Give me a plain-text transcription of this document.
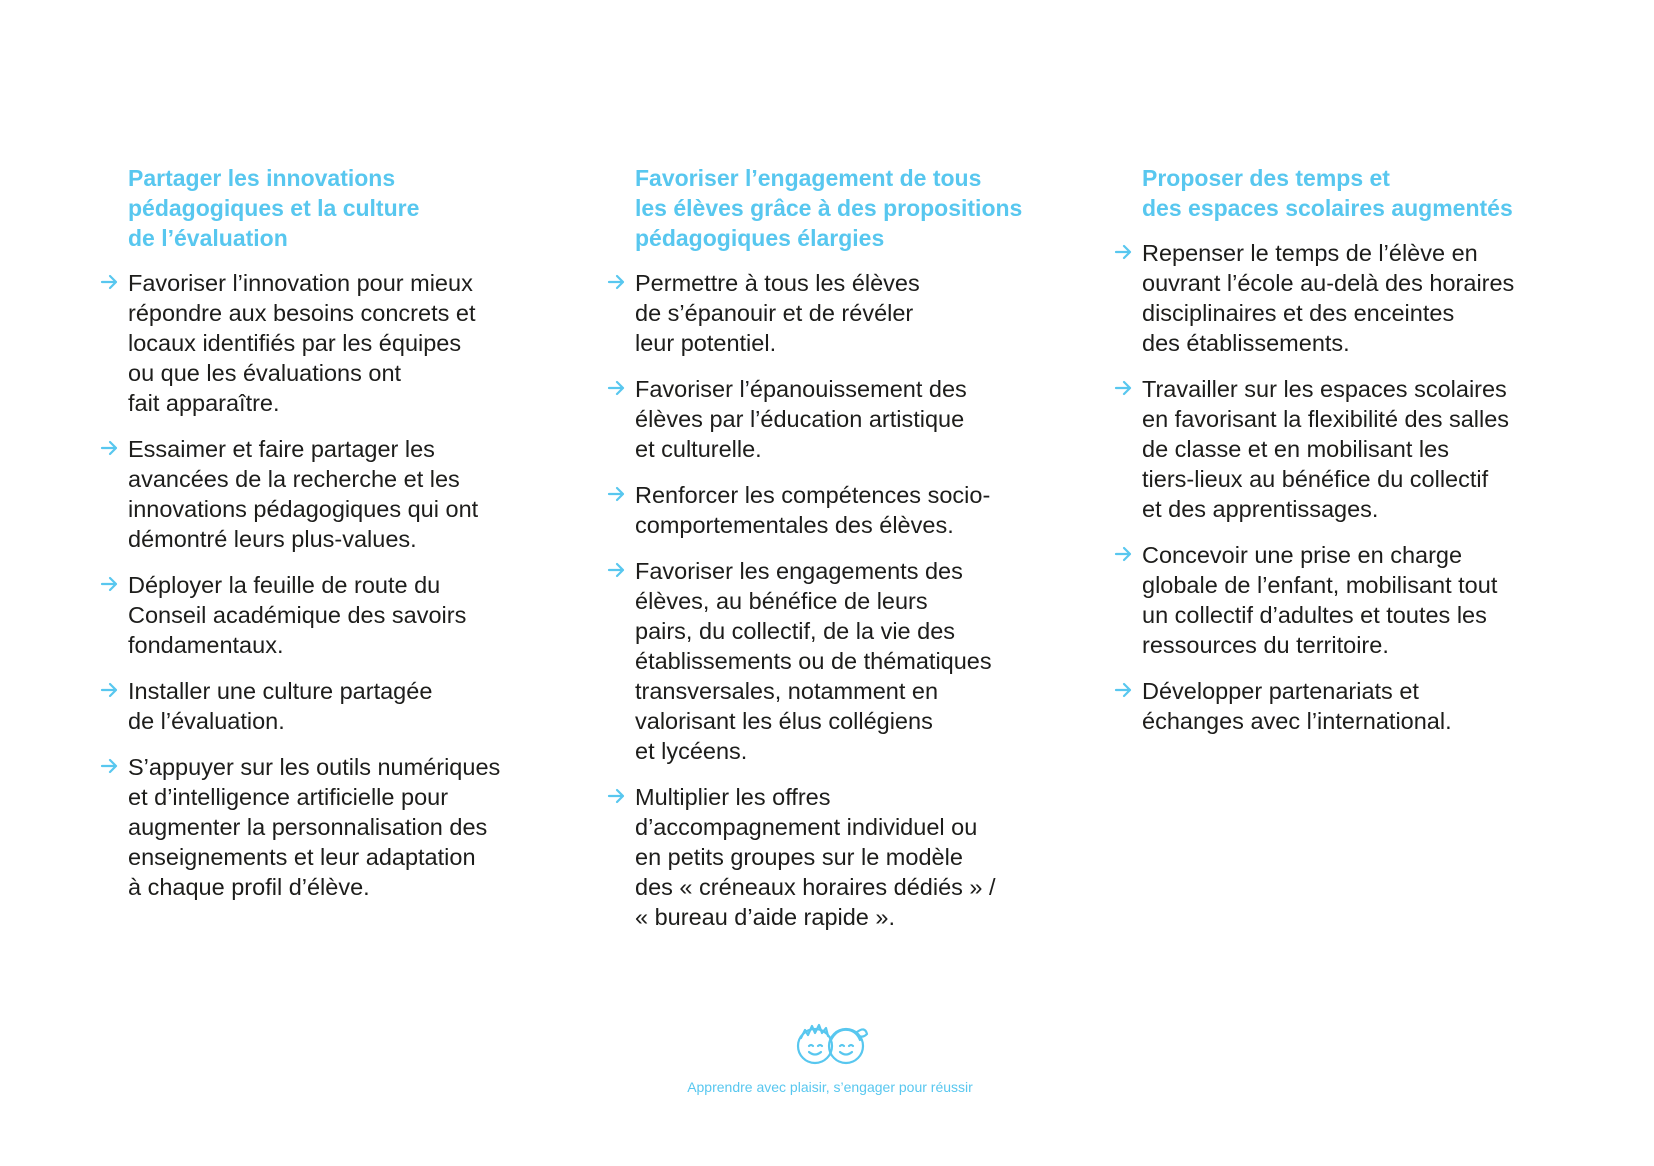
Partager les innovations
pédagogiques et la culture
de l’évaluation
Favoriser l’innovation pour mieux
répondre aux besoins concrets et
locaux identifiés par les équipes
ou que les évaluations ont
fait apparaître.
Essaimer et faire partager les
avancées de la recherche et les
innovations pédagogiques qui ont
démontré leurs plus-values.
Déployer la feuille de route du
Conseil académique des savoirs
fondamentaux.
Installer une culture partagée
de l’évaluation.
S’appuyer sur les outils numériques
et d’intelligence artificielle pour
augmenter la personnalisation des
enseignements et leur adaptation
à chaque profil d’élève.
Favoriser l’engagement de tous
les élèves grâce à des propositions
pédagogiques élargies
Permettre à tous les élèves
de s’épanouir et de révéler
leur potentiel.
Favoriser l’épanouissement des
élèves par l’éducation artistique
et culturelle.
Renforcer les compétences socio-
comportementales des élèves.
Favoriser les engagements des
élèves, au bénéfice de leurs
pairs, du collectif, de la vie des
établissements ou de thématiques
transversales, notamment en
valorisant les élus collégiens
et lycéens.
Multiplier les offres
d’accompagnement individuel ou
en petits groupes sur le modèle
des « créneaux horaires dédiés » /
« bureau d’aide rapide ».
Proposer des temps et
des espaces scolaires augmentés
Repenser le temps de l’élève en
ouvrant l’école au-delà des horaires
disciplinaires et des enceintes
des établissements.
Travailler sur les espaces scolaires
en favorisant la flexibilité des salles
de classe et en mobilisant les
tiers-lieux au bénéfice du collectif
et des apprentissages.
Concevoir une prise en charge
globale de l’enfant, mobilisant tout
un collectif d’adultes et toutes les
ressources du territoire.
Développer partenariats et
échanges avec l’international.
Apprendre avec plaisir, s’engager pour réussir
